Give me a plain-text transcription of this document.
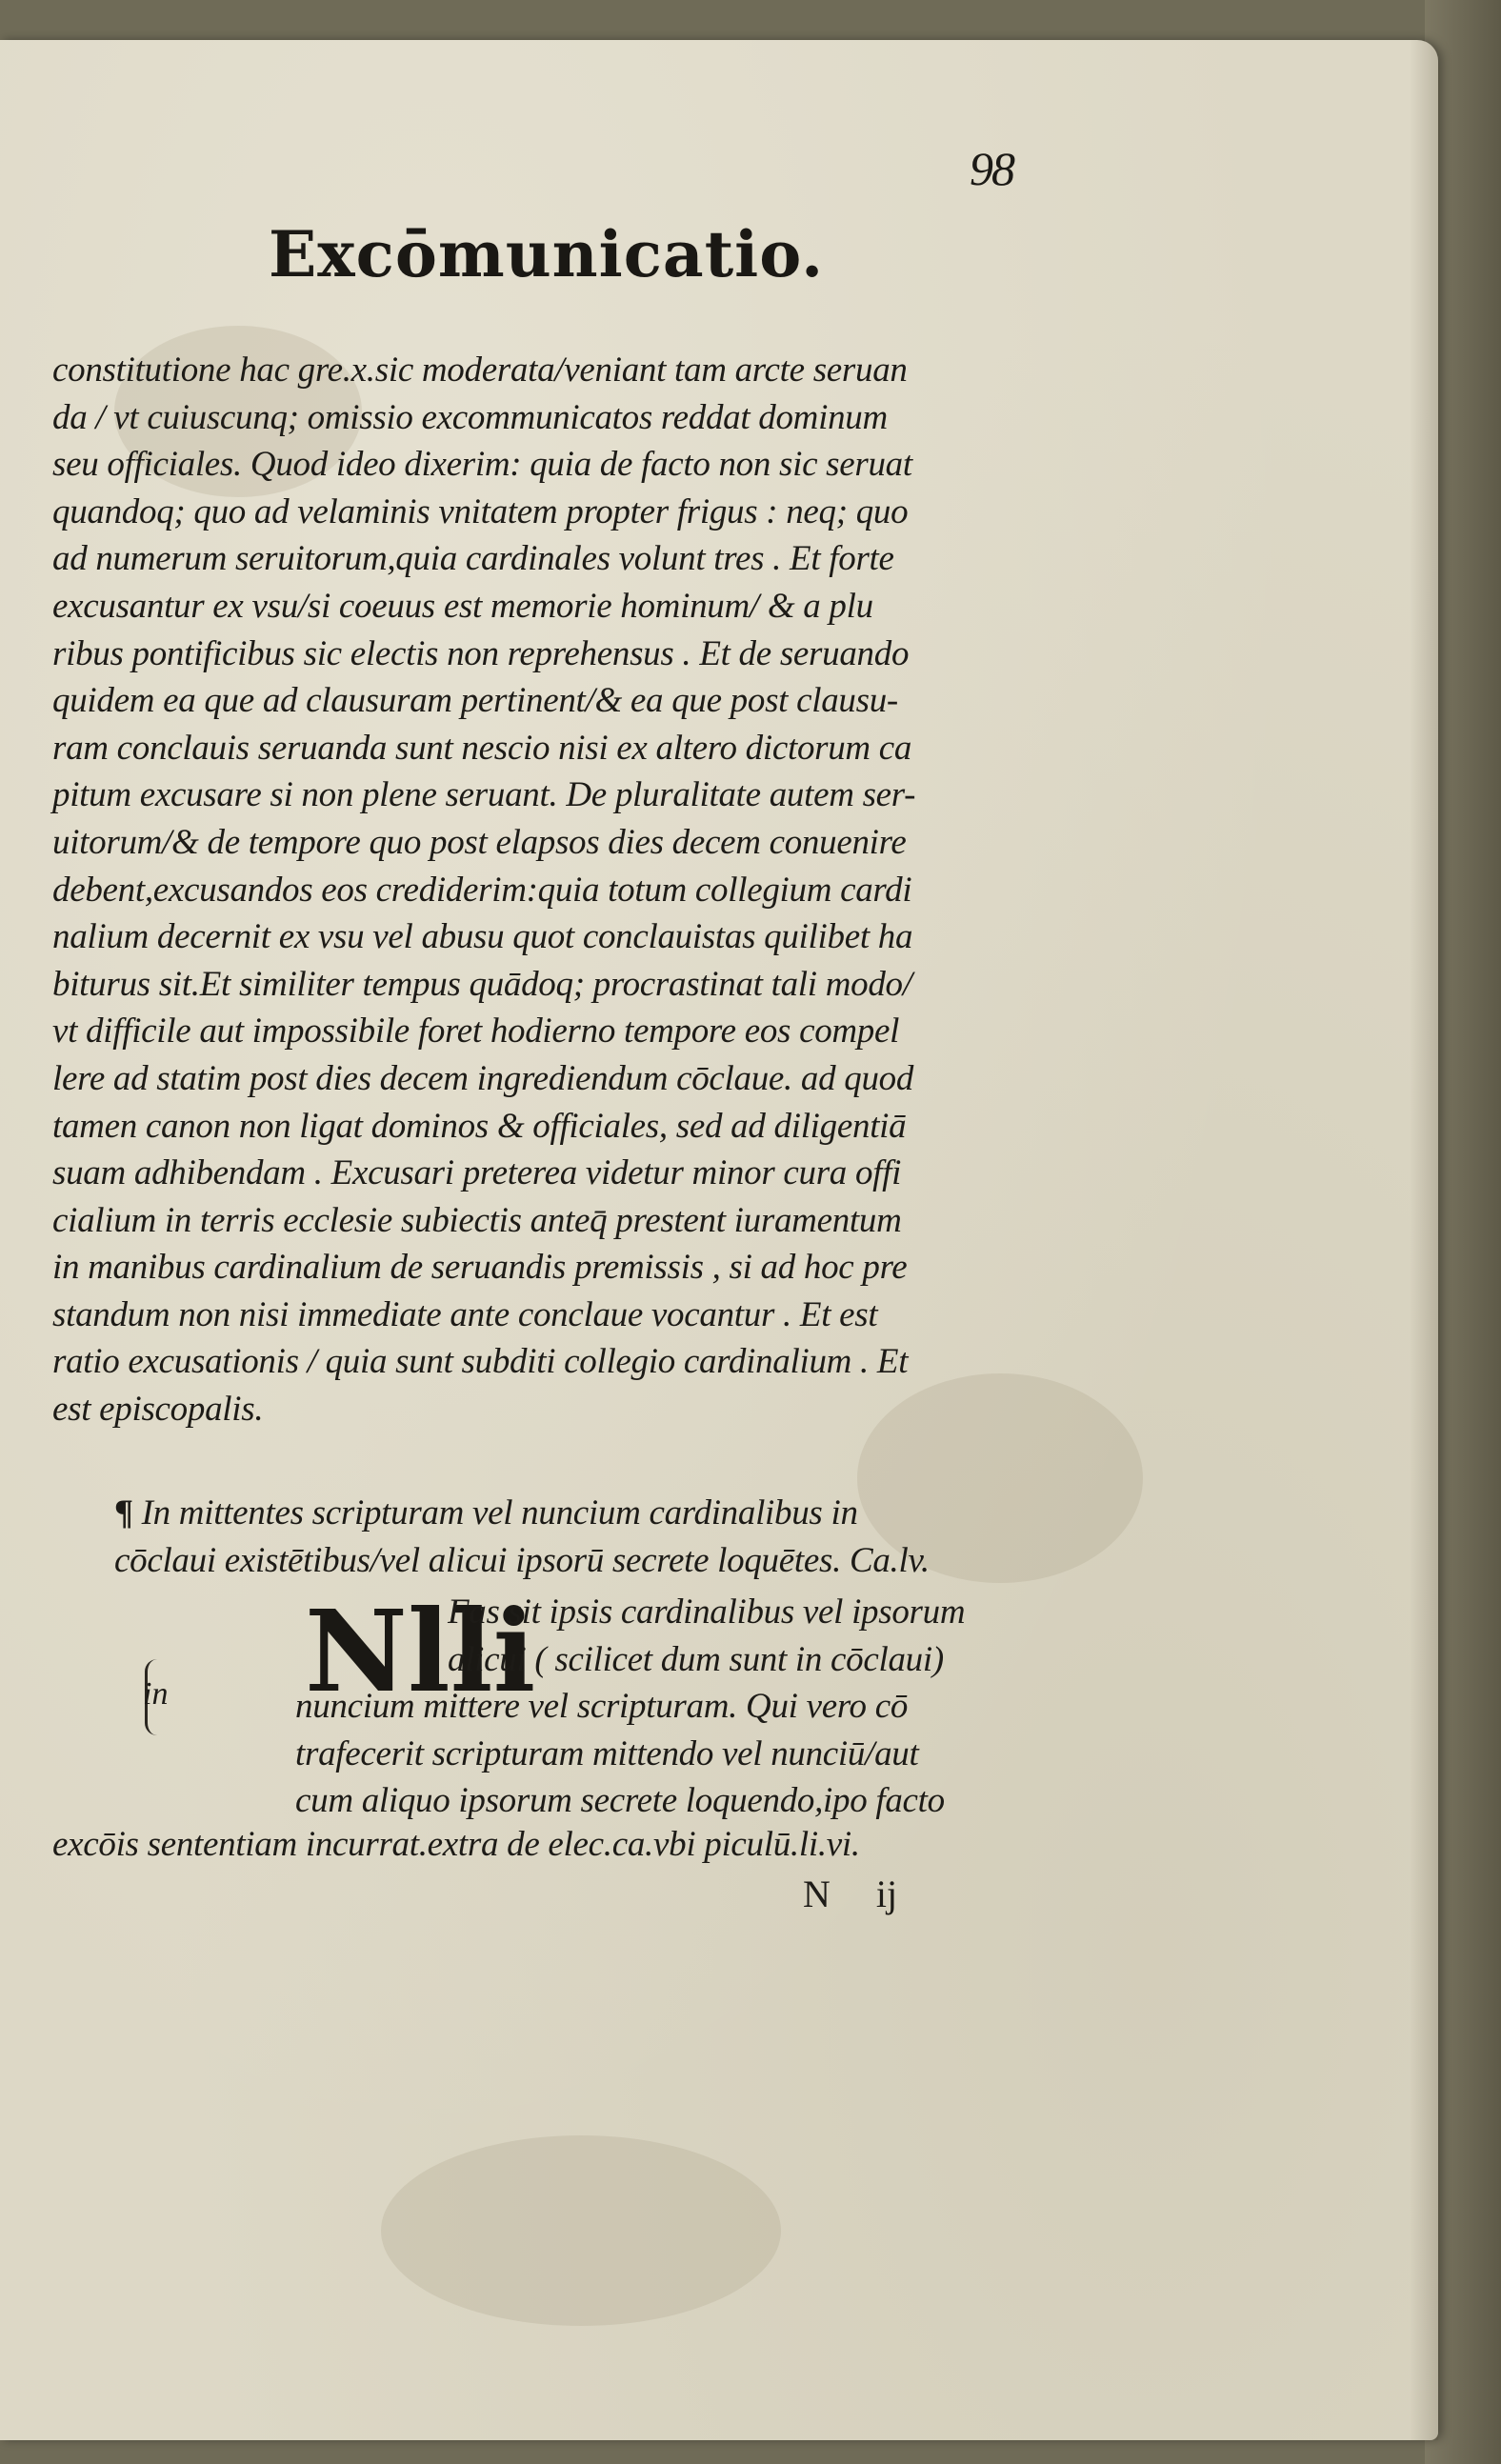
98
Excōmunicatio.
constitutione hac gre.x.sic moderata/veniant tam arcte seruan
da / vt cuiuscunq; omissio excommunicatos reddat dominum
seu officiales. Quod ideo dixerim: quia de facto non sic seruat
quandoq; quo ad velaminis vnitatem propter frigus : neq; quo
ad numerum seruitorum,quia cardinales volunt tres . Et forte
excusantur ex vsu/si coeuus est memorie hominum/ & a plu
ribus pontificibus sic electis non reprehensus . Et de seruando
quidem ea que ad clausuram pertinent/& ea que post clausu-
ram conclauis seruanda sunt nescio nisi ex altero dictorum ca
pitum excusare si non plene seruant. De pluralitate autem ser-
uitorum/& de tempore quo post elapsos dies decem conuenire
debent,excusandos eos crediderim:quia totum collegium cardi
nalium decernit ex vsu vel abusu quot conclauistas quilibet ha
biturus sit.Et similiter tempus quādoq; procrastinat tali modo/
vt difficile aut impossibile foret hodierno tempore eos compel
lere ad statim post dies decem ingrediendum cōclaue. ad quod
tamen canon non ligat dominos & officiales, sed ad diligentiā
suam adhibendam . Excusari preterea videtur minor cura offi
cialium in terris ecclesie subiectis anteq̄ prestent iuramentum
in manibus cardinalium de seruandis premissis , si ad hoc pre
standum non nisi immediate ante conclaue vocantur . Et est
ratio excusationis / quia sunt subditi collegio cardinalium . Et
est episcopalis.
¶ In mittentes scripturam vel nuncium cardinalibus in
cōclaui existētibus/vel alicui ipsorū secrete loquētes. Ca.lv.
Nlli
Fas sit ipsis cardinalibus vel ipsorum
alicui ( scilicet dum sunt in cōclaui)
in	nuncium mittere vel scripturam. Qui vero cō
trafecerit scripturam mittendo vel nunciū/aut
cum aliquo ipsorum secrete loquendo,ipo facto
excōis sententiam incurrat.extra de elec.ca.vbi piculū.li.vi.
N ij
